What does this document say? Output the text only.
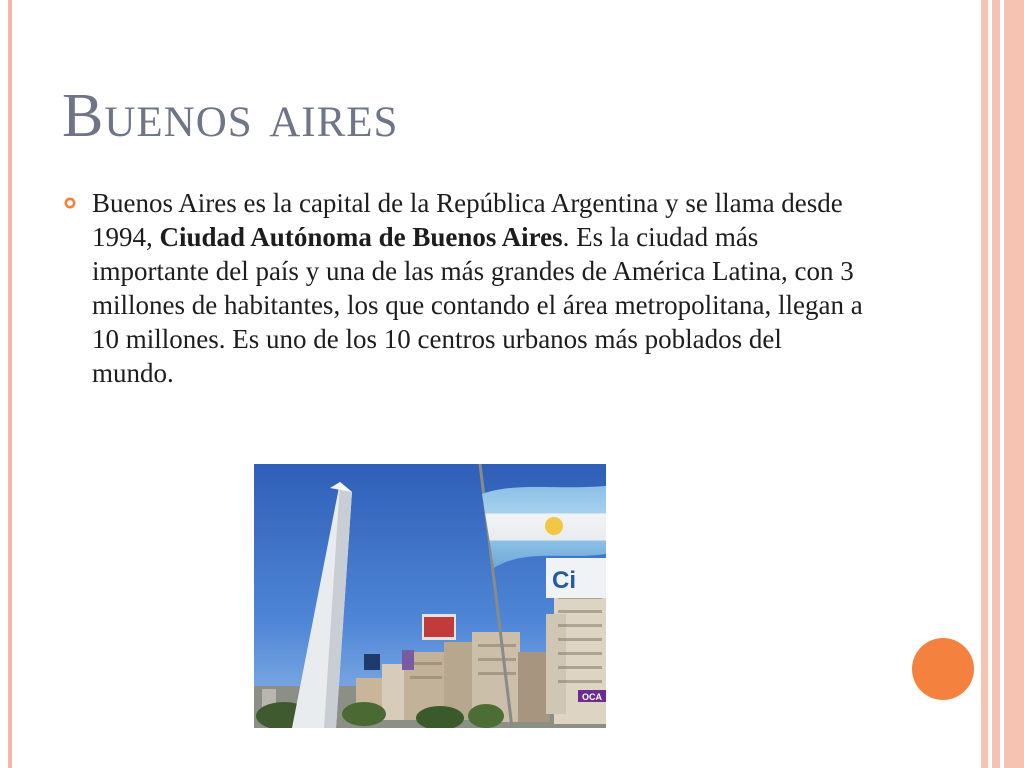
Buenos aires

Buenos Aires es la capital de la República Argentina y se llama desde 1994, Ciudad Autónoma de Buenos Aires. Es la ciudad más importante del país y una de las más grandes de América Latina, con 3 millones de habitantes, los que contando el área metropolitana, llegan a 10 millones. Es uno de los 10 centros urbanos más poblados del mundo.

Ci
OCA
